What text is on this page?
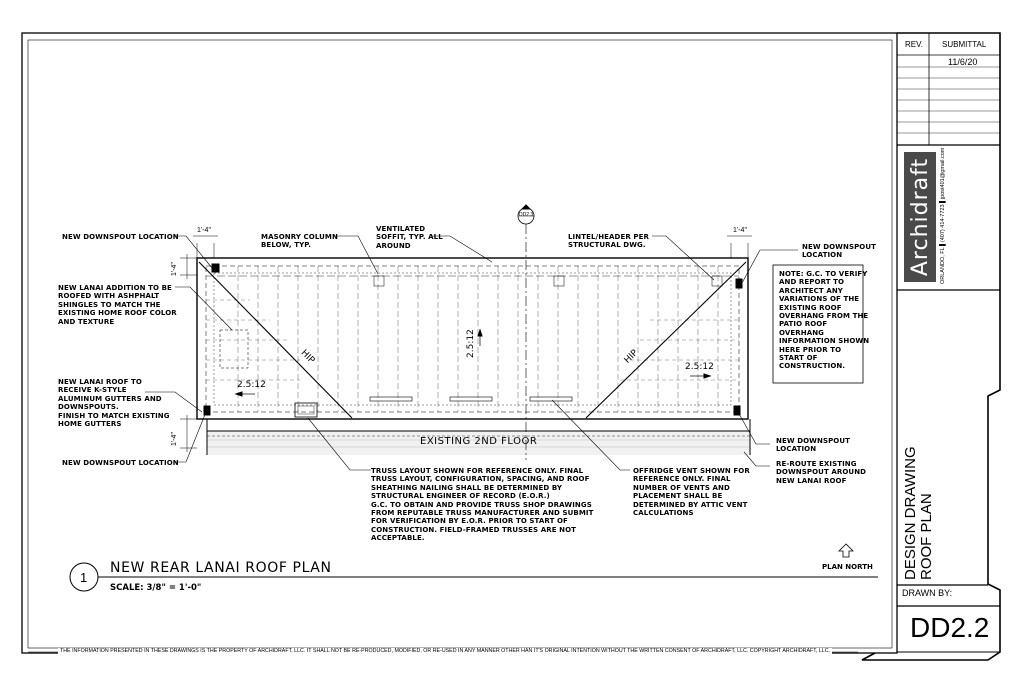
REV. SUBMITTAL
11/6/20
Archidraft ORLANDO, FL ▌(407) 414-7723 ▌jpost401@gmail.com
DESIGN DRAWING ROOF PLAN
DRAWN BY:
DD2.2
DD2.3
EXISTING 2ND FLOOR
HIP	HIP
2.5:12
2.5:12
2.5:12
1'-4"	1'-4"
1'-4"
1'-4"
NEW DOWNSPOUT LOCATION
NEW LANAI ADDITION TO BE
ROOFED WITH ASHPHALT
SHINGLES TO MATCH THE
EXISTING HOME ROOF COLOR
AND TEXTURE
NEW LANAI ROOF TO
RECEIVE K-STYLE
ALUMINUM GUTTERS AND
DOWNSPOUTS.
FINISH TO MATCH EXISTING
HOME GUTTERS
NEW DOWNSPOUT LOCATION
MASONRY COLUMN
BELOW, TYP.
VENTILATED
SOFFIT, TYP. ALL
AROUND
LINTEL/HEADER PER
STRUCTURAL DWG.	NEW DOWNSPOUT
LOCATION
NOTE: G.C. TO VERIFY
AND REPORT TO
ARCHITECT ANY
VARIATIONS OF THE
EXISTING ROOF
OVERHANG FROM THE
PATIO ROOF
OVERHANG
INFORMATION SHOWN
HERE PRIOR TO
START OF
CONSTRUCTION.
NEW DOWNSPOUT
LOCATION
RE-ROUTE EXISTING
DOWNSPOUT AROUND
NEW LANAI ROOF
TRUSS LAYOUT SHOWN FOR REFERENCE ONLY. FINAL
TRUSS LAYOUT, CONFIGURATION, SPACING, AND ROOF
SHEATHING NAILING SHALL BE DETERMINED BY
STRUCTURAL ENGINEER OF RECORD (E.O.R.)
G.C. TO OBTAIN AND PROVIDE TRUSS SHOP DRAWINGS
FROM REPUTABLE TRUSS MANUFACTURER AND SUBMIT
FOR VERIFICATION BY E.O.R. PRIOR TO START OF
CONSTRUCTION. FIELD-FRAMED TRUSSES ARE NOT
ACCEPTABLE.
OFFRIDGE VENT SHOWN FOR
REFERENCE ONLY. FINAL
NUMBER OF VENTS AND
PLACEMENT SHALL BE
DETERMINED BY ATTIC VENT
CALCULATIONS
1
NEW REAR LANAI ROOF PLAN
SCALE: 3/8" = 1'-0"
PLAN NORTH
THE INFORMATION PRESENTED IN THESE DRAWINGS IS THE PROPERTY OF ARCHIDRAFT, LLC. IT SHALL NOT BE RE-PRODUCED, MODIFIED, OR RE-USED IN ANY MANNER OTHER HAN IT'S ORIGINAL INTENTION WITHOUT THE WRITTEN CONSENT OF ARCHIDRAFT, LLC. COPYRIGHT ARCHIDRAFT, LLC.
